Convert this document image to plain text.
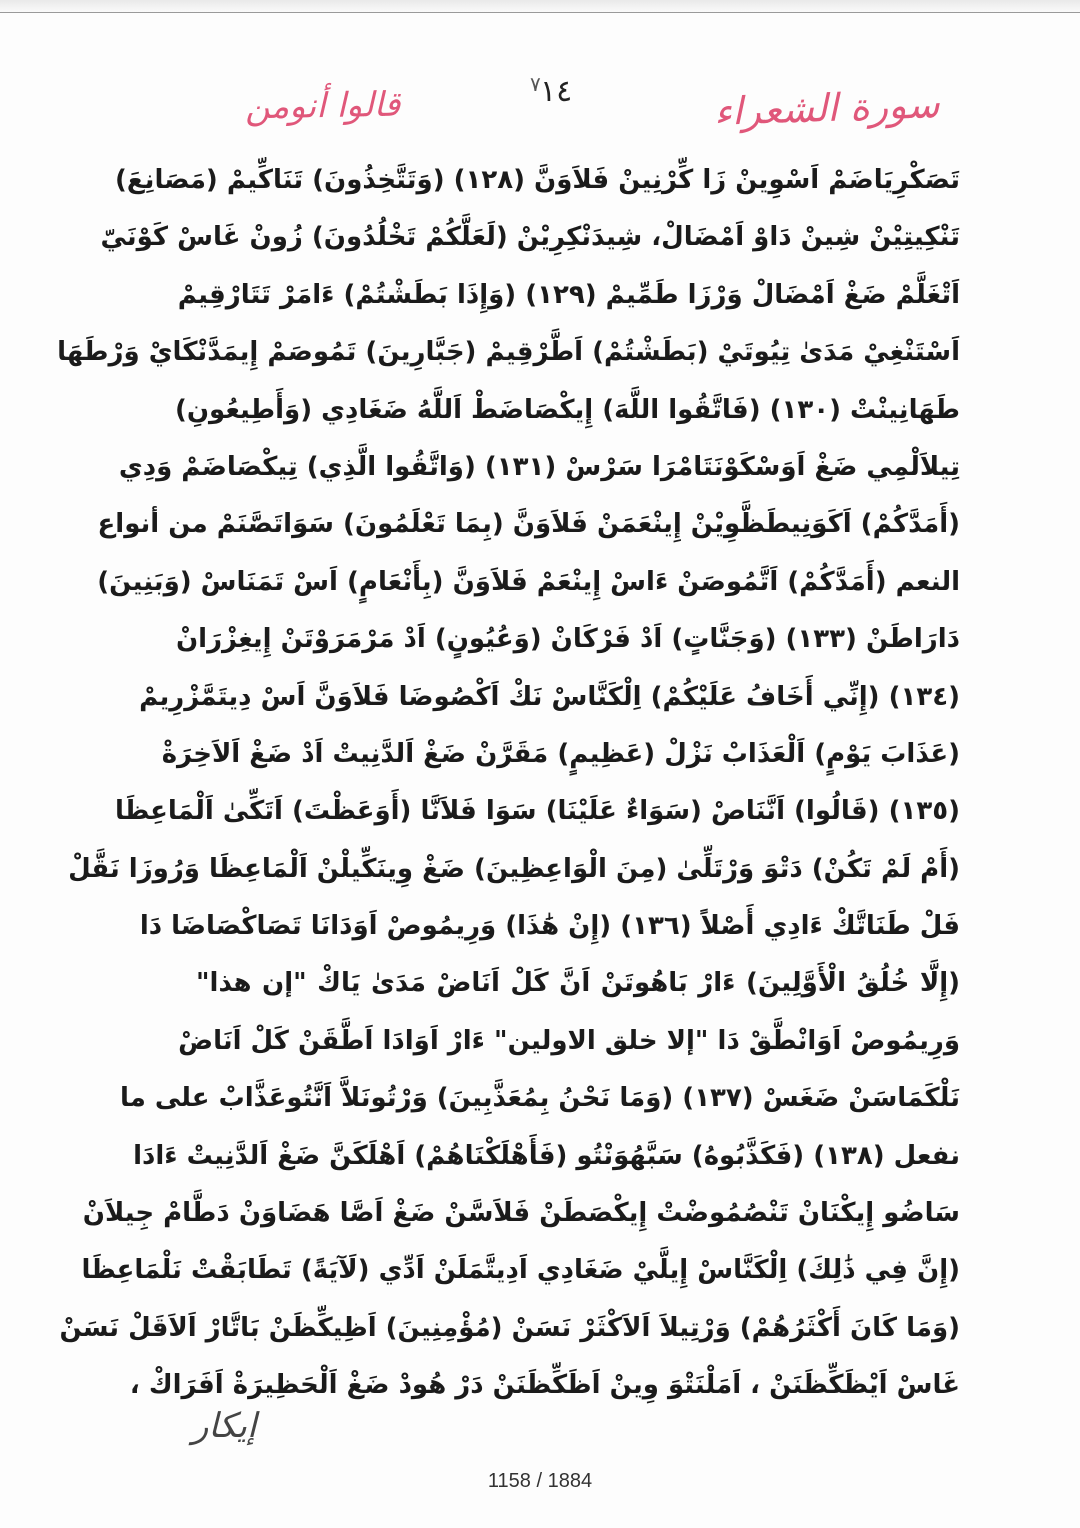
٧ ١٤	سورة الشعراء
قالوا أنومن
تَصَكْرِيَاضَمْ اَسْوِينْ زَا كِّرْنِينْ فَلاَوَنَّ (١٢٨) (وَتَتَّخِذُونَ) تَنَاكِّيمْ (مَصَانِعَ)
تَنْكِيتِيْنْ شِينْ دَاوْ اَمْضَالْ، شِيدَنْكِرِيْنْ (لَعَلَّكُمْ تَخْلُدُونَ) زُونْ غَاسْ كَوْنَيّ
اَتْغَلَّمْ ضَغْ اَمْضَالْ وَرْزَا طَمِّيمْ (١٢٩) (وَإِذَا بَطَشْتُمْ) ءَامَرْ تَتَارْقِيمْ
اَسْتَنْغِيْ مَدَىٰ تِيُوتَيْ (بَطَشْتُمْ) اَطَّرْقِيمْ (جَبَّارِينَ) تَمُوصَمْ إِيمَدَّنْكَايْ وَرْطَهَا
طَهَانِينْتْ (١٣٠) (فَاتَّقُوا اللَّهَ) إِيكْصَاضَطْ اَللَّهُ ضَغَادِي (وَأَطِيعُونِ)
تِيلاَلْمِي ضَغْ اَوَسْكَوْنَتَامْرَا سَرْسْ (١٣١) (وَاتَّقُوا الَّذِي) تِيكْصَاضَمْ وَدِي
(أَمَدَّكُمْ) اَكَوَنِيطَظَّوِيْنْ إِينْعَمَنْ فَلاَوَنَّ (بِمَا تَعْلَمُونَ) سَوَاتَصَّنَمْ من أنواع
النعم (أَمَدَّكُمْ) اَتَّمُوصَنْ ءَاسْ إِينْعَمْ فَلاَوَنَّ (بِأَنْعَامٍ) اَسْ تَمَنَاسْ (وَبَنِينَ)
دَارَاطَنْ (١٣٣) (وَجَنَّاتٍ) اَدْ فَرْكَانْ (وَعُيُونٍ) اَدْ مَرْمَرَوْتَنْ إِيغِزْرَانْ
(١٣٤) (إِنِّي أَخَافُ عَلَيْكُمْ) اِلْكَنَّاسْ نَكْ اَكْصُوضَا فَلاَوَنَّ اَسْ دِيتَمَّزْرِيمْ
(عَذَابَ يَوْمٍ) اَلْعَذَابْ نَزْلْ (عَظِيمٍ) مَقَرَّنْ ضَغْ اَلدَّنِيتْ اَدْ ضَغْ اَلاَخِرَةْ
(١٣٥) (قَالُوا) اَنَّنَاصْ (سَوَاءٌ عَلَيْنَا) سَوَا فَلاَنَّا (أَوَعَظْتَ) اَتَكِّىٰ اَلْمَاعِظَا
(أَمْ لَمْ تَكُنْ) دَتْوَ وَرْتَلِّىٰ (مِنَ الْوَاعِظِينَ) ضَغْ وِينَكِّيلْنْ اَلْمَاعِظَا وَرُوزَا نَقَّلْ
فَلْ طَنَاتَّكْ ءَادِي أَصْلاً (١٣٦) (إِنْ هَٰذَا) وَرِيمُوصْ اَوَدَانَا تَصَاكْصَاضَا دَا
(إِلَّا خُلُقُ الْأَوَّلِينَ) ءَارْ بَاهُوتَنْ اَنَّ كَلْ اَنَاضْ مَدَىٰ يَاكْ "إن هذا"
وَرِيمُوصْ اَوَانْطَّقْ دَا "إلا خلق الاولين" ءَارْ اَوَادَا اَطَّقَنْ كَلْ اَنَاضْ
نَلْكَمَاسَنْ ضَغَسْ (١٣٧) (وَمَا نَحْنُ بِمُعَذَّبِينَ) وَرْتُونَلاَّ اَنَّتُوعَذَّابْ على ما
نفعل (١٣٨) (فَكَذَّبُوهُ) سَبَّهُوَنْتُو (فَأَهْلَكْنَاهُمْ) اَهْلَكَنَّ ضَغْ اَلدَّنِيتْ ءَادَا
سَاضُو إِيكْنَانْ تَنْصُمُوضْتْ إِيكْصَطَنْ فَلاَسَّنْ ضَغْ اَصَّا هَضَاوَنْ دَطَّامْ جِيلاَنْ
(إِنَّ فِي ذَٰلِكَ) اِلْكَنَّاسْ إِيلَّيْ ضَغَادِي اَدِيتَّمَلَنْ اَدِّي (لَآيَةً) تَطَابَقْتْ نَلْمَاعِظَا
(وَمَا كَانَ أَكْثَرُهُمْ) وَرْتِيلاَ اَلاَكْثَرْ نَسَنْ (مُؤْمِنِينَ) اَظِيكِّظَنْ بَاتَّارْ اَلاَقَلْ نَسَنْ
غَاسْ اَيْظَكِّظَنَنْ ، اَمَلْنَتْوَ وِينْ اَظَكِّظَنَنْ دَرْ هُودْ ضَغْ اَلْحَظِيرَةْ اَفَرَاكْ ،
إيكار
1158 / 1884
